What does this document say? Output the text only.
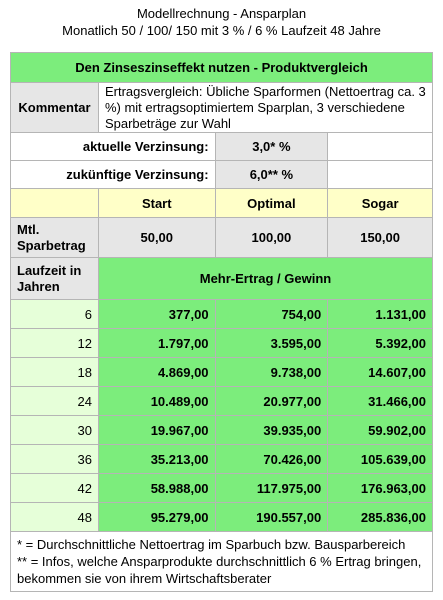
Modellrechnung - Ansparplan
Monatlich 50 / 100/ 150 mit 3 % / 6 % Laufzeit 48 Jahre
Den Zinseszinseffekt nutzen - Produktvergleich			
Kommentar	Ertragsvergleich: Übliche Sparformen (Nettoertrag ca. 3 %) mit ertragsoptimiertem Sparplan, 3 verschiedene Sparbeträge zur Wahl		
aktuelle Verzinsung:		3,0* %	
zukünftige Verzinsung:		6,0** %	
	Start	Optimal	Sogar
Mtl. Sparbetrag	50,00	100,00	150,00
Laufzeit in Jahren	Mehr-Ertrag / Gewinn		
6	377,00	754,00	1.131,00
12	1.797,00	3.595,00	5.392,00
18	4.869,00	9.738,00	14.607,00
24	10.489,00	20.977,00	31.466,00
30	19.967,00	39.935,00	59.902,00
36	35.213,00	70.426,00	105.639,00
42	58.988,00	117.975,00	176.963,00
48	95.279,00	190.557,00	285.836,00

* = Durchschnittliche Nettoertrag im Sparbuch bzw. Bausparbereich
** = Infos, welche Ansparprodukte durchschnittlich 6 % Ertrag bringen, bekommen sie von ihrem Wirtschaftsberater			
